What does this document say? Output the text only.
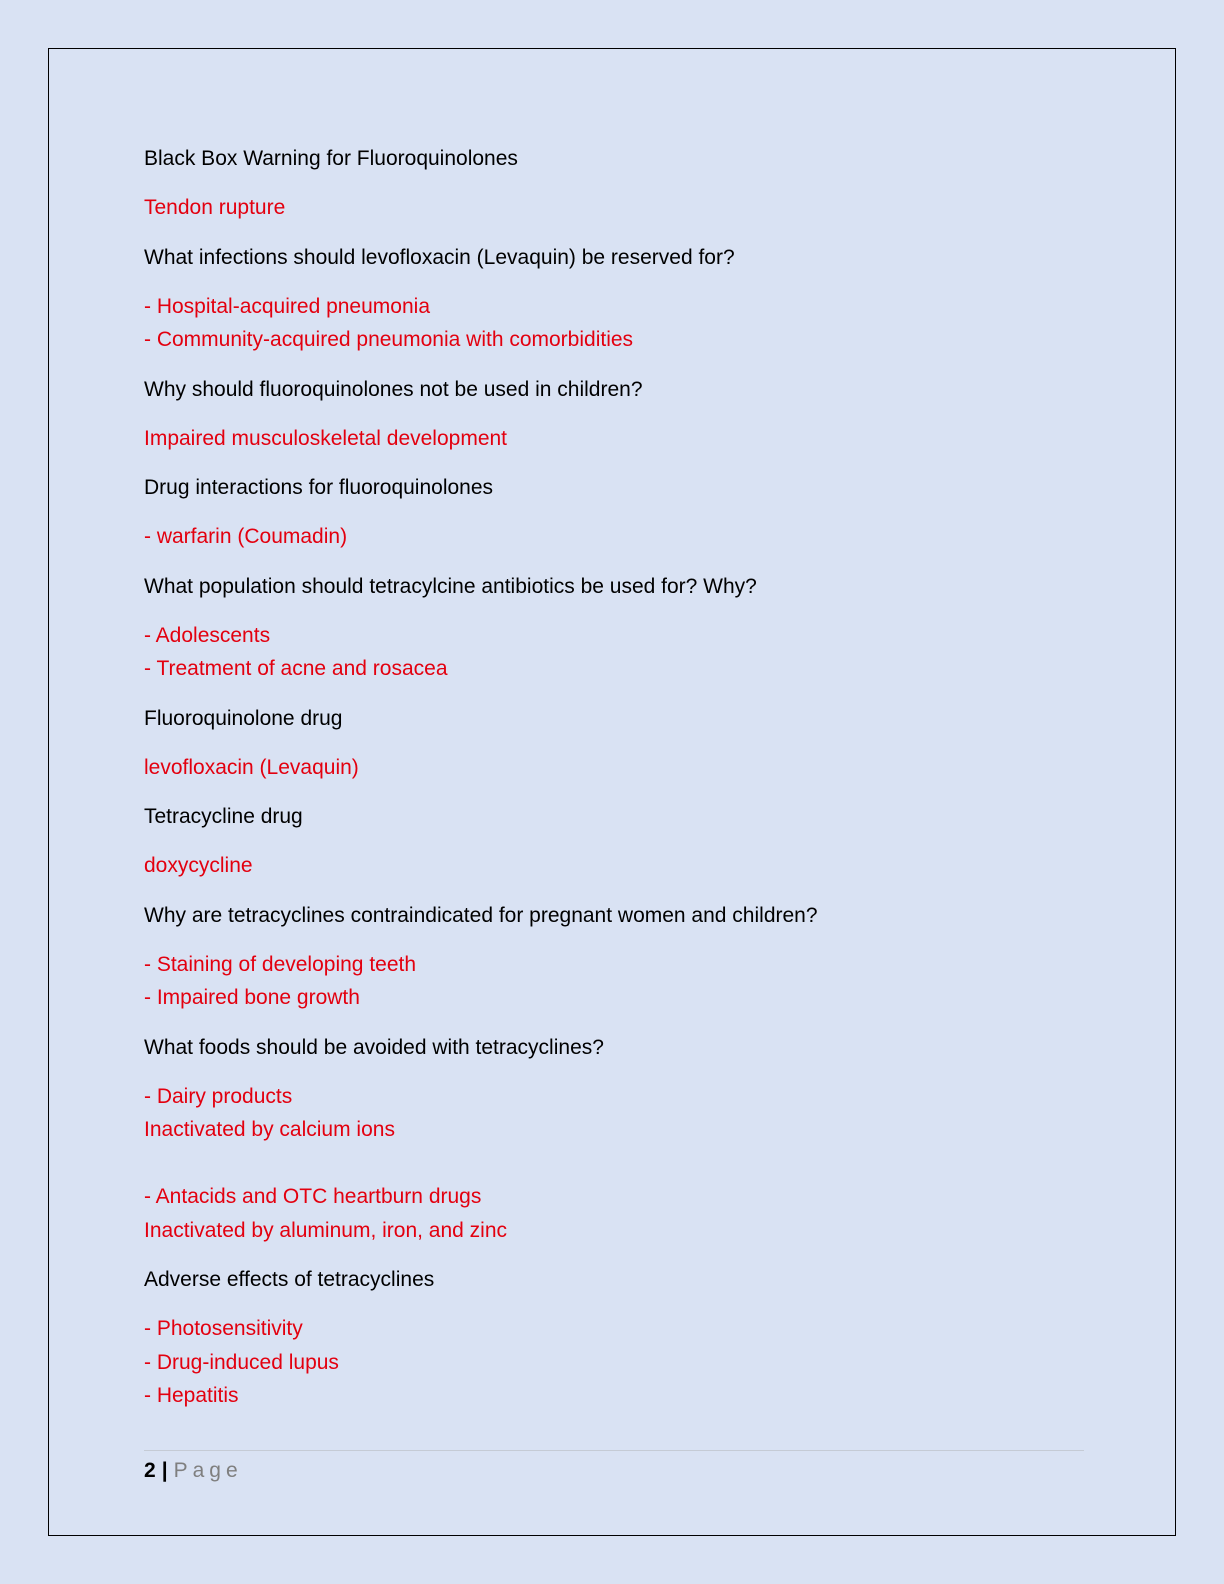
Black Box Warning for Fluoroquinolones
Tendon rupture
What infections should levofloxacin (Levaquin) be reserved for?
- Hospital-acquired pneumonia
- Community-acquired pneumonia with comorbidities
Why should fluoroquinolones not be used in children?
Impaired musculoskeletal development
Drug interactions for fluoroquinolones
- warfarin (Coumadin)
What population should tetracylcine antibiotics be used for? Why?
- Adolescents
- Treatment of acne and rosacea
Fluoroquinolone drug
levofloxacin (Levaquin)
Tetracycline drug
doxycycline
Why are tetracyclines contraindicated for pregnant women and children?
- Staining of developing teeth
- Impaired bone growth
What foods should be avoided with tetracyclines?
- Dairy products
Inactivated by calcium ions
- Antacids and OTC heartburn drugs
Inactivated by aluminum, iron, and zinc
Adverse effects of tetracyclines
- Photosensitivity
- Drug-induced lupus
- Hepatitis
2 | Page
